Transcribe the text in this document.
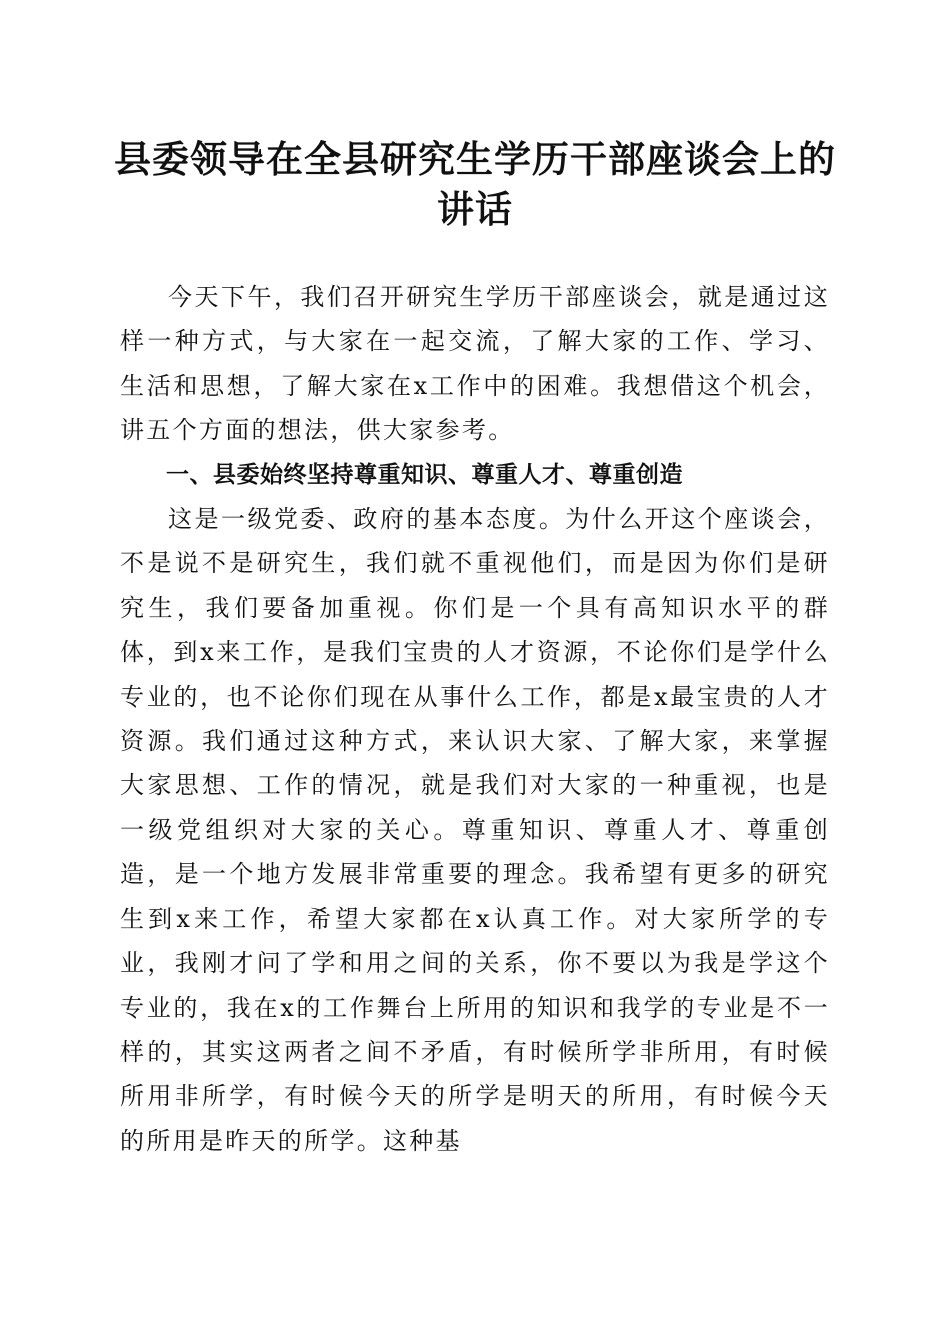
县委领导在全县研究生学历干部座谈会上的讲话

今天下午，我们召开研究生学历干部座谈会，就是通过这样一种方式，与大家在一起交流，了解大家的工作、学习、生活和思想，了解大家在x工作中的困难。我想借这个机会，讲五个方面的想法，供大家参考。

一、县委始终坚持尊重知识、尊重人才、尊重创造

这是一级党委、政府的基本态度。为什么开这个座谈会，不是说不是研究生，我们就不重视他们，而是因为你们是研究生，我们要备加重视。你们是一个具有高知识水平的群体，到x来工作，是我们宝贵的人才资源，不论你们是学什么专业的，也不论你们现在从事什么工作，都是x最宝贵的人才资源。我们通过这种方式，来认识大家、了解大家，来掌握大家思想、工作的情况，就是我们对大家的一种重视，也是一级党组织对大家的关心。尊重知识、尊重人才、尊重创造，是一个地方发展非常重要的理念。我希望有更多的研究生到x来工作，希望大家都在x认真工作。对大家所学的专业，我刚才问了学和用之间的关系，你不要以为我是学这个专业的，我在x的工作舞台上所用的知识和我学的专业是不一样的，其实这两者之间不矛盾，有时候所学非所用，有时候所用非所学，有时候今天的所学是明天的所用，有时候今天的所用是昨天的所学。这种基
